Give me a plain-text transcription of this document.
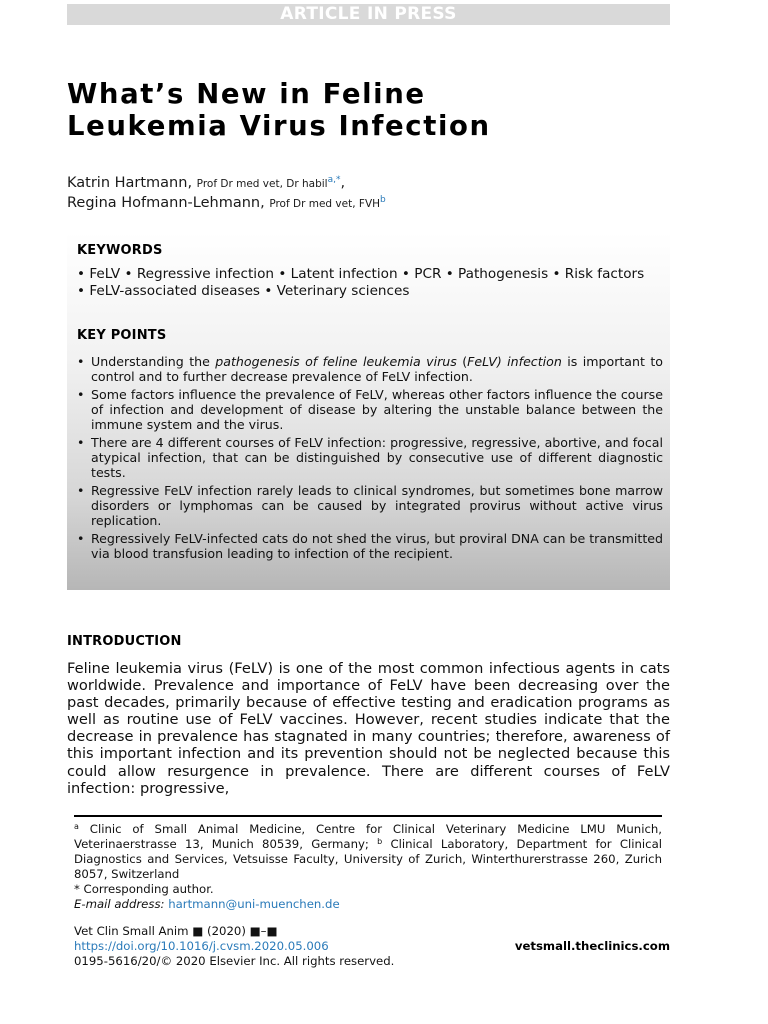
ARTICLE IN PRESS
What’s New in Feline
Leukemia Virus Infection
Katrin Hartmann, Prof Dr med vet, Dr habil$^{a,*}$,
Regina Hofmann-Lehmann, Prof Dr med vet, FVH$^b$
KEYWORDS
• FeLV • Regressive infection • Latent infection • PCR • Pathogenesis • Risk factors
• FeLV-associated diseases • Veterinary sciences
KEY POINTS
• Understanding the pathogenesis of feline leukemia virus (FeLV) infection is important to control and to further decrease prevalence of FeLV infection.
• Some factors influence the prevalence of FeLV, whereas other factors influence the course of infection and development of disease by altering the unstable balance between the immune system and the virus.
• There are 4 different courses of FeLV infection: progressive, regressive, abortive, and focal atypical infection, that can be distinguished by consecutive use of different diagnostic tests.
• Regressive FeLV infection rarely leads to clinical syndromes, but sometimes bone marrow disorders or lymphomas can be caused by integrated provirus without active virus replication.
• Regressively FeLV-infected cats do not shed the virus, but proviral DNA can be transmitted via blood transfusion leading to infection of the recipient.
INTRODUCTION

Feline leukemia virus (FeLV) is one of the most common infectious agents in cats worldwide. Prevalence and importance of FeLV have been decreasing over the past decades, primarily because of effective testing and eradication programs as well as routine use of FeLV vaccines. However, recent studies indicate that the decrease in prevalence has stagnated in many countries; therefore, awareness of this important infection and its prevention should not be neglected because this could allow resurgence in prevalence. There are different courses of FeLV infection: progressive,

$^a$ Clinic of Small Animal Medicine, Centre for Clinical Veterinary Medicine LMU Munich, Veterinaerstrasse 13, Munich 80539, Germany; $^b$ Clinical Laboratory, Department for Clinical Diagnostics and Services, Vetsuisse Faculty, University of Zurich, Winterthurerstrasse 260, Zurich 8057, Switzerland

* Corresponding author.

E-mail address: hartmann@uni-muenchen.de

Vet Clin Small Anim ■ (2020) ■–■
https://doi.org/10.1016/j.cvsm.2020.05.006
0195-5616/20/© 2020 Elsevier Inc. All rights reserved.
vetsmall.theclinics.com
